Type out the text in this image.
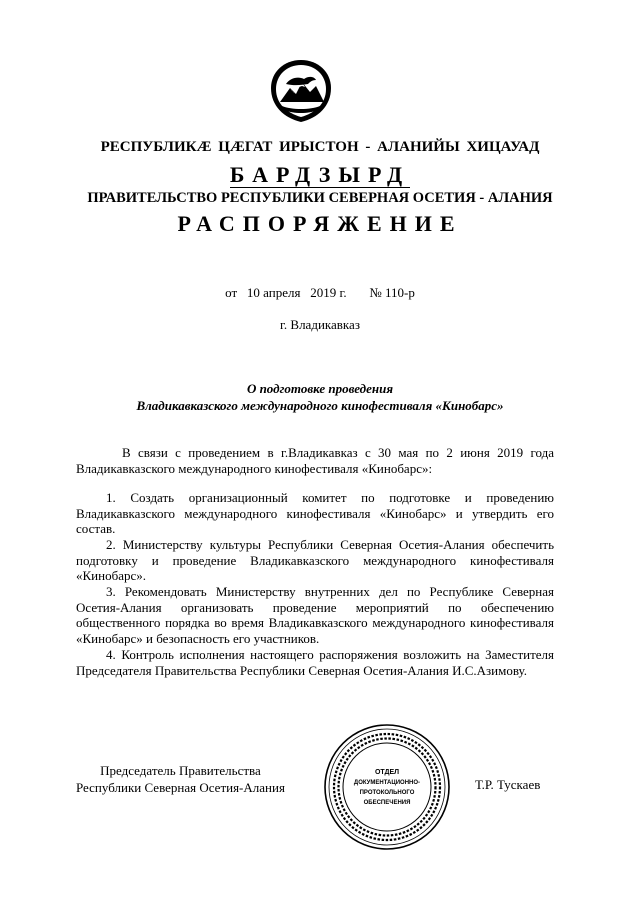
РЕСПУБЛИКÆ ЦÆГАТ ИРЫСТОН - АЛАНИЙЫ ХИЦАУАД
БАРДЗЫРД
ПРАВИТЕЛЬСТВО РЕСПУБЛИКИ СЕВЕРНАЯ ОСЕТИЯ - АЛАНИЯ
РАСПОРЯЖЕНИЕ
от   10 апреля   2019 г.       № 110-р
г. Владикавказ
О подготовке проведения
Владикавказского международного кинофестиваля «Кинобарс»
В связи с проведением в г.Владикавказ с 30 мая по 2 июня 2019 года Владикавказского международного кинофестиваля «Кинобарс»:
1. Создать организационный комитет по подготовке и проведению Владикавказского международного кинофестиваля «Кинобарс» и утвердить его состав.
2. Министерству культуры Республики Северная Осетия-Алания обеспечить подготовку и проведение Владикавказского международного кинофестиваля «Кинобарс».
3. Рекомендовать Министерству внутренних дел по Республике Северная Осетия-Алания организовать проведение мероприятий по обеспечению общественного порядка во время Владикавказского международного кинофестиваля «Кинобарс» и безопасность его участников.
4. Контроль исполнения настоящего распоряжения возложить на Заместителя Председателя Правительства Республики Северная Осетия-Алания И.С.Азимову.
Председатель Правительства
Республики Северная Осетия-Алания	Т.Р. Тускаев
ОТДЕЛ
ДОКУМЕНТАЦИОННО-
ПРОТОКОЛЬНОГО
ОБЕСПЕЧЕНИЯ
